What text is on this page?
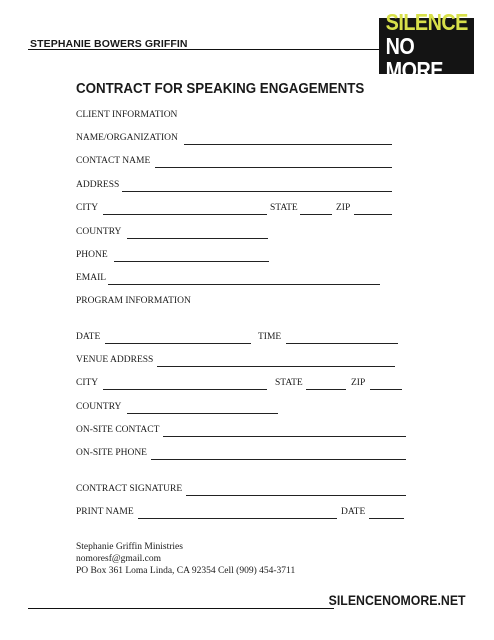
STEPHANIE BOWERS GRIFFIN
SILENCE
NO MORE
CONTRACT FOR SPEAKING ENGAGEMENTS
CLIENT INFORMATION
NAME/ORGANIZATION
CONTACT NAME
ADDRESS
CITY	STATE	ZIP
COUNTRY
PHONE
EMAIL
PROGRAM INFORMATION
DATE	TIME
VENUE ADDRESS
CITY	STATE	ZIP
COUNTRY
ON-SITE CONTACT
ON-SITE PHONE
CONTRACT SIGNATURE
PRINT NAME	DATE
Stephanie Griffin Ministries
nomoresf@gmail.com
PO Box 361 Loma Linda, CA 92354 Cell (909) 454-3711
SILENCENOMORE.NET
